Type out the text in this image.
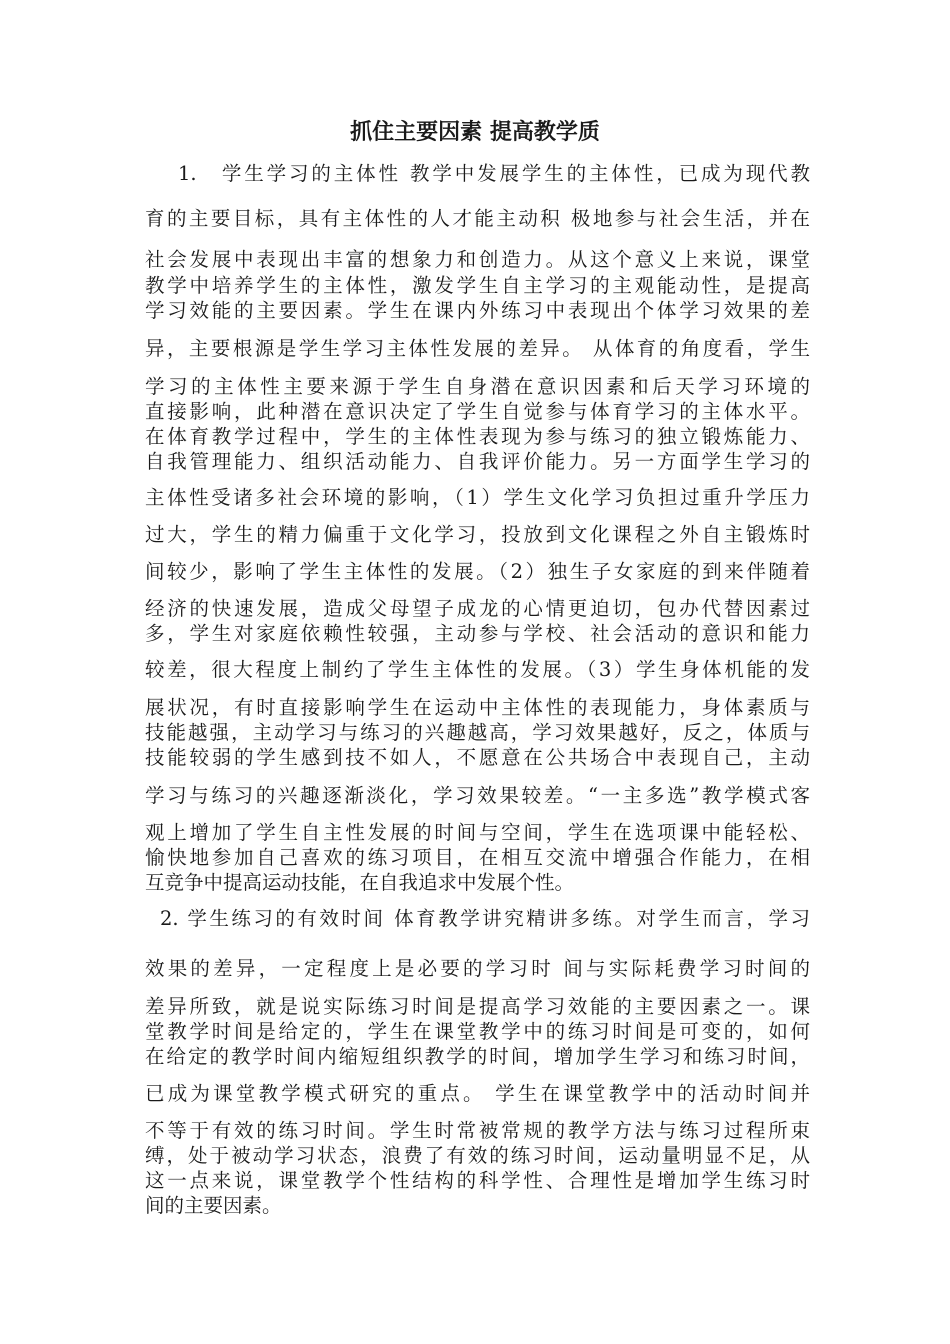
抓住主要因素 提高教学质
1.　学生学习的主体性 教学中发展学生的主体性，已成为现代教
育的主要目标，具有主体性的人才能主动积 极地参与社会生活，并在
社会发展中表现出丰富的想象力和创造力。从这个意义上来说，课堂
教学中培养学生的主体性，激发学生自主学习的主观能动性，是提高
学习效能的主要因素。学生在课内外练习中表现出个体学习效果的差
异，主要根源是学生学习主体性发展的差异。 从体育的角度看，学生
学习的主体性主要来源于学生自身潜在意识因素和后天学习环境的
直接影响，此种潜在意识决定了学生自觉参与体育学习的主体水平。
在体育教学过程中，学生的主体性表现为参与练习的独立锻炼能力、
自我管理能力、组织活动能力、自我评价能力。另一方面学生学习的
主体性受诸多社会环境的影响，（1）学生文化学习负担过重升学压力
过大，学生的精力偏重于文化学习，投放到文化课程之外自主锻炼时
间较少，影响了学生主体性的发展。（2）独生子女家庭的到来伴随着
经济的快速发展，造成父母望子成龙的心情更迫切，包办代替因素过
多，学生对家庭依赖性较强，主动参与学校、社会活动的意识和能力
较差，很大程度上制约了学生主体性的发展。（3）学生身体机能的发
展状况，有时直接影响学生在运动中主体性的表现能力，身体素质与
技能越强，主动学习与练习的兴趣越高，学习效果越好，反之，体质与
技能较弱的学生感到技不如人，不愿意在公共场合中表现自己，主动
学习与练习的兴趣逐渐淡化，学习效果较差。“一主多选”教学模式客
观上增加了学生自主性发展的时间与空间，学生在选项课中能轻松、
愉快地参加自己喜欢的练习项目，在相互交流中增强合作能力，在相
互竞争中提高运动技能，在自我追求中发展个性。
2. 学生练习的有效时间 体育教学讲究精讲多练。对学生而言，学习
效果的差异，一定程度上是必要的学习时 间与实际耗费学习时间的
差异所致，就是说实际练习时间是提高学习效能的主要因素之一。课
堂教学时间是给定的，学生在课堂教学中的练习时间是可变的，如何
在给定的教学时间内缩短组织教学的时间，增加学生学习和练习时间，
已成为课堂教学模式研究的重点。 学生在课堂教学中的活动时间并
不等于有效的练习时间。学生时常被常规的教学方法与练习过程所束
缚，处于被动学习状态，浪费了有效的练习时间，运动量明显不足，从
这一点来说，课堂教学个性结构的科学性、合理性是增加学生练习时
间的主要因素。
